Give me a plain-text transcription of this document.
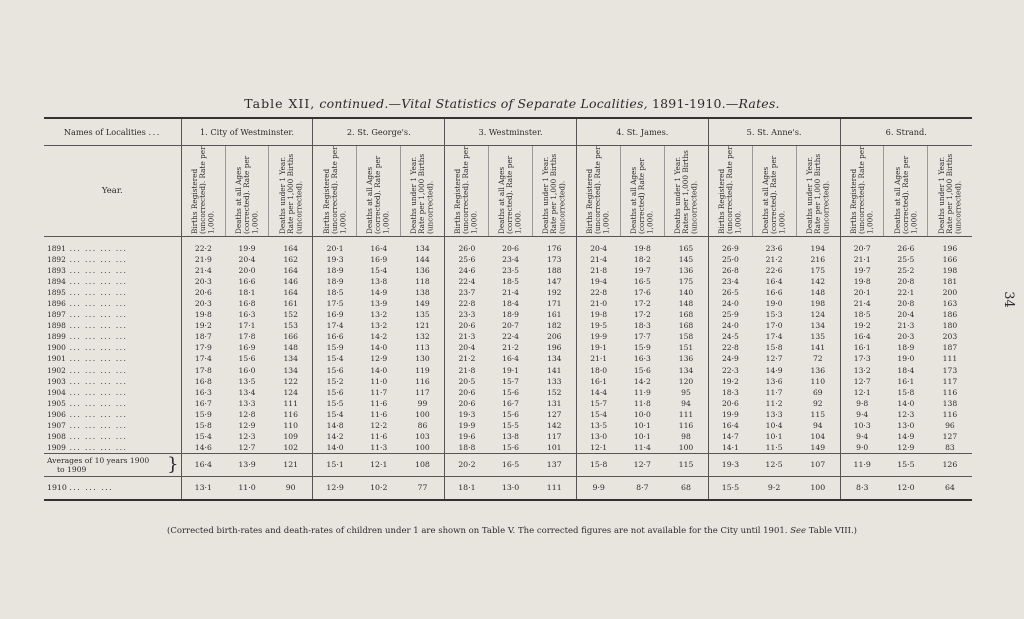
34
Table XII, continued.—Vital Statistics of Separate Localities, 1891-1910.—Rates.
Names of Localities ...	1. City of Westminster.			2. St. George's.			3. Westminster.			4. St. James.			5. St. Anne's.			6. Strand.		
Year.	Births Registered (uncorrected). Rate per 1,000.	Deaths at all Ages (corrected). Rate per 1,000.	Deaths under 1 Year. Rate per 1,000 Births (uncorrected).	Births Registered (uncorrected). Rate per 1,000.	Deaths at all Ages (corrected). Rate per 1,000.	Deaths under 1 Year. Rate per 1,000 Births (uncorrected).	Births Registered (uncorrected). Rate per 1,000.	Deaths at all Ages (corrected). Rate per 1,000.	Deaths under 1 Year. Rate per 1,000 Births (uncorrected).	Births Registered (uncorrected). Rate per 1,000.	Deaths at all Ages (corrected) Rate per 1,000.	Deaths under 1 Year. Rates per 1,000 Births (uncorrected).	Births Registered (uncorrected). Rate per 1,000.	Deaths at all Ages (corrected). Rate per 1,000.	Deaths under 1 Year. Rate per 1,000 Births (uncorrected).	Births Registered (uncorrected). Rate per 1,000.	Deaths at all Ages (corrected). Rate per 1,000.	Deaths under 1 Year. Rate per 1,000 Births (uncorrected).
1891 ... ... ... ...	22·2	19·9	164	20·1	16·4	134	26·0	20·6	176	20·4	19·8	165	26·9	23·6	194	20·7	26·6	196
1892 ... ... ... ...	21·9	20·4	162	19·3	16·9	144	25·6	23·4	173	21·4	18·2	145	25·0	21·2	216	21·1	25·5	166
1893 ... ... ... ...	21·4	20·0	164	18·9	15·4	136	24·6	23·5	188	21·8	19·7	136	26·8	22·6	175	19·7	25·2	198
1894 ... ... ... ...	20·3	16·6	146	18·9	13·8	118	22·4	18·5	147	19·4	16·5	175	23·4	16·4	142	19·8	20·8	181
1895 ... ... ... ...	20·6	18·1	164	18·5	14·9	138	23·7	21·4	192	22·8	17·6	140	26·5	16·6	148	20·1	22·1	200
1896 ... ... ... ...	20·3	16·8	161	17·5	13·9	149	22·8	18·4	171	21·0	17·2	148	24·0	19·0	198	21·4	20·8	163
1897 ... ... ... ...	19·8	16·3	152	16·9	13·2	135	23·3	18·9	161	19·8	17·2	168	25·9	15·3	124	18·5	20·4	186
1898 ... ... ... ...	19·2	17·1	153	17·4	13·2	121	20·6	20·7	182	19·5	18·3	168	24·0	17·0	134	19·2	21·3	180
1899 ... ... ... ...	18·7	17·8	166	16·6	14·2	132	21·3	22·4	206	19·9	17·7	158	24·5	17·4	135	16·4	20·3	203
1900 ... ... ... ...	17·9	16·9	148	15·9	14·0	113	20·4	21·2	196	19·1	15·9	151	22·8	15·8	141	16·1	18·9	187
1901 ... ... ... ...	17·4	15·6	134	15·4	12·9	130	21·2	16·4	134	21·1	16·3	136	24·9	12·7	72	17·3	19·0	111
1902 ... ... ... ...	17·8	16·0	134	15·6	14·0	119	21·8	19·1	141	18·0	15·6	134	22·3	14·9	136	13·2	18·4	173
1903 ... ... ... ...	16·8	13·5	122	15·2	11·0	116	20·5	15·7	133	16·1	14·2	120	19·2	13·6	110	12·7	16·1	117
1904 ... ... ... ...	16·3	13·4	124	15·6	11·7	117	20·6	15·6	152	14·4	11·9	95	18·3	11·7	69	12·1	15·8	116
1905 ... ... ... ...	16·7	13·3	111	15·5	11·6	99	20·6	16·7	131	15·7	11·8	94	20·6	11·2	92	9·8	14·0	138
1906 ... ... ... ...	15·9	12·8	116	15·4	11·6	100	19·3	15·6	127	15·4	10·0	111	19·9	13·3	115	9·4	12·3	116
1907 ... ... ... ...	15·8	12·9	110	14·8	12·2	86	19·9	15·5	142	13·5	10·1	116	16·4	10·4	94	10·3	13·0	96
1908 ... ... ... ...	15·4	12·3	109	14·2	11·6	103	19·6	13·8	117	13·0	10·1	98	14·7	10·1	104	9·4	14·9	127
1909 ... ... ... ...	14·6	12·7	102	14·0	11·3	100	18·8	15·6	101	12·1	11·4	100	14·1	11·5	149	9·0	12·9	83
Averages of 10 years 1900
to 1909 }	16·4	13·9	121	15·1	12·1	108	20·2	16·5	137	15·8	12·7	115	19·3	12·5	107	11·9	15·5	126
1910 ... ... ...	13·1	11·0	90	12·9	10·2	77	18·1	13·0	111	9·9	8·7	68	15·5	9·2	100	8·3	12·0	64
(Corrected birth-rates and death-rates of children under 1 are shown on Table V. The corrected figures are not available for the City until 1901. See Table VIII.)
